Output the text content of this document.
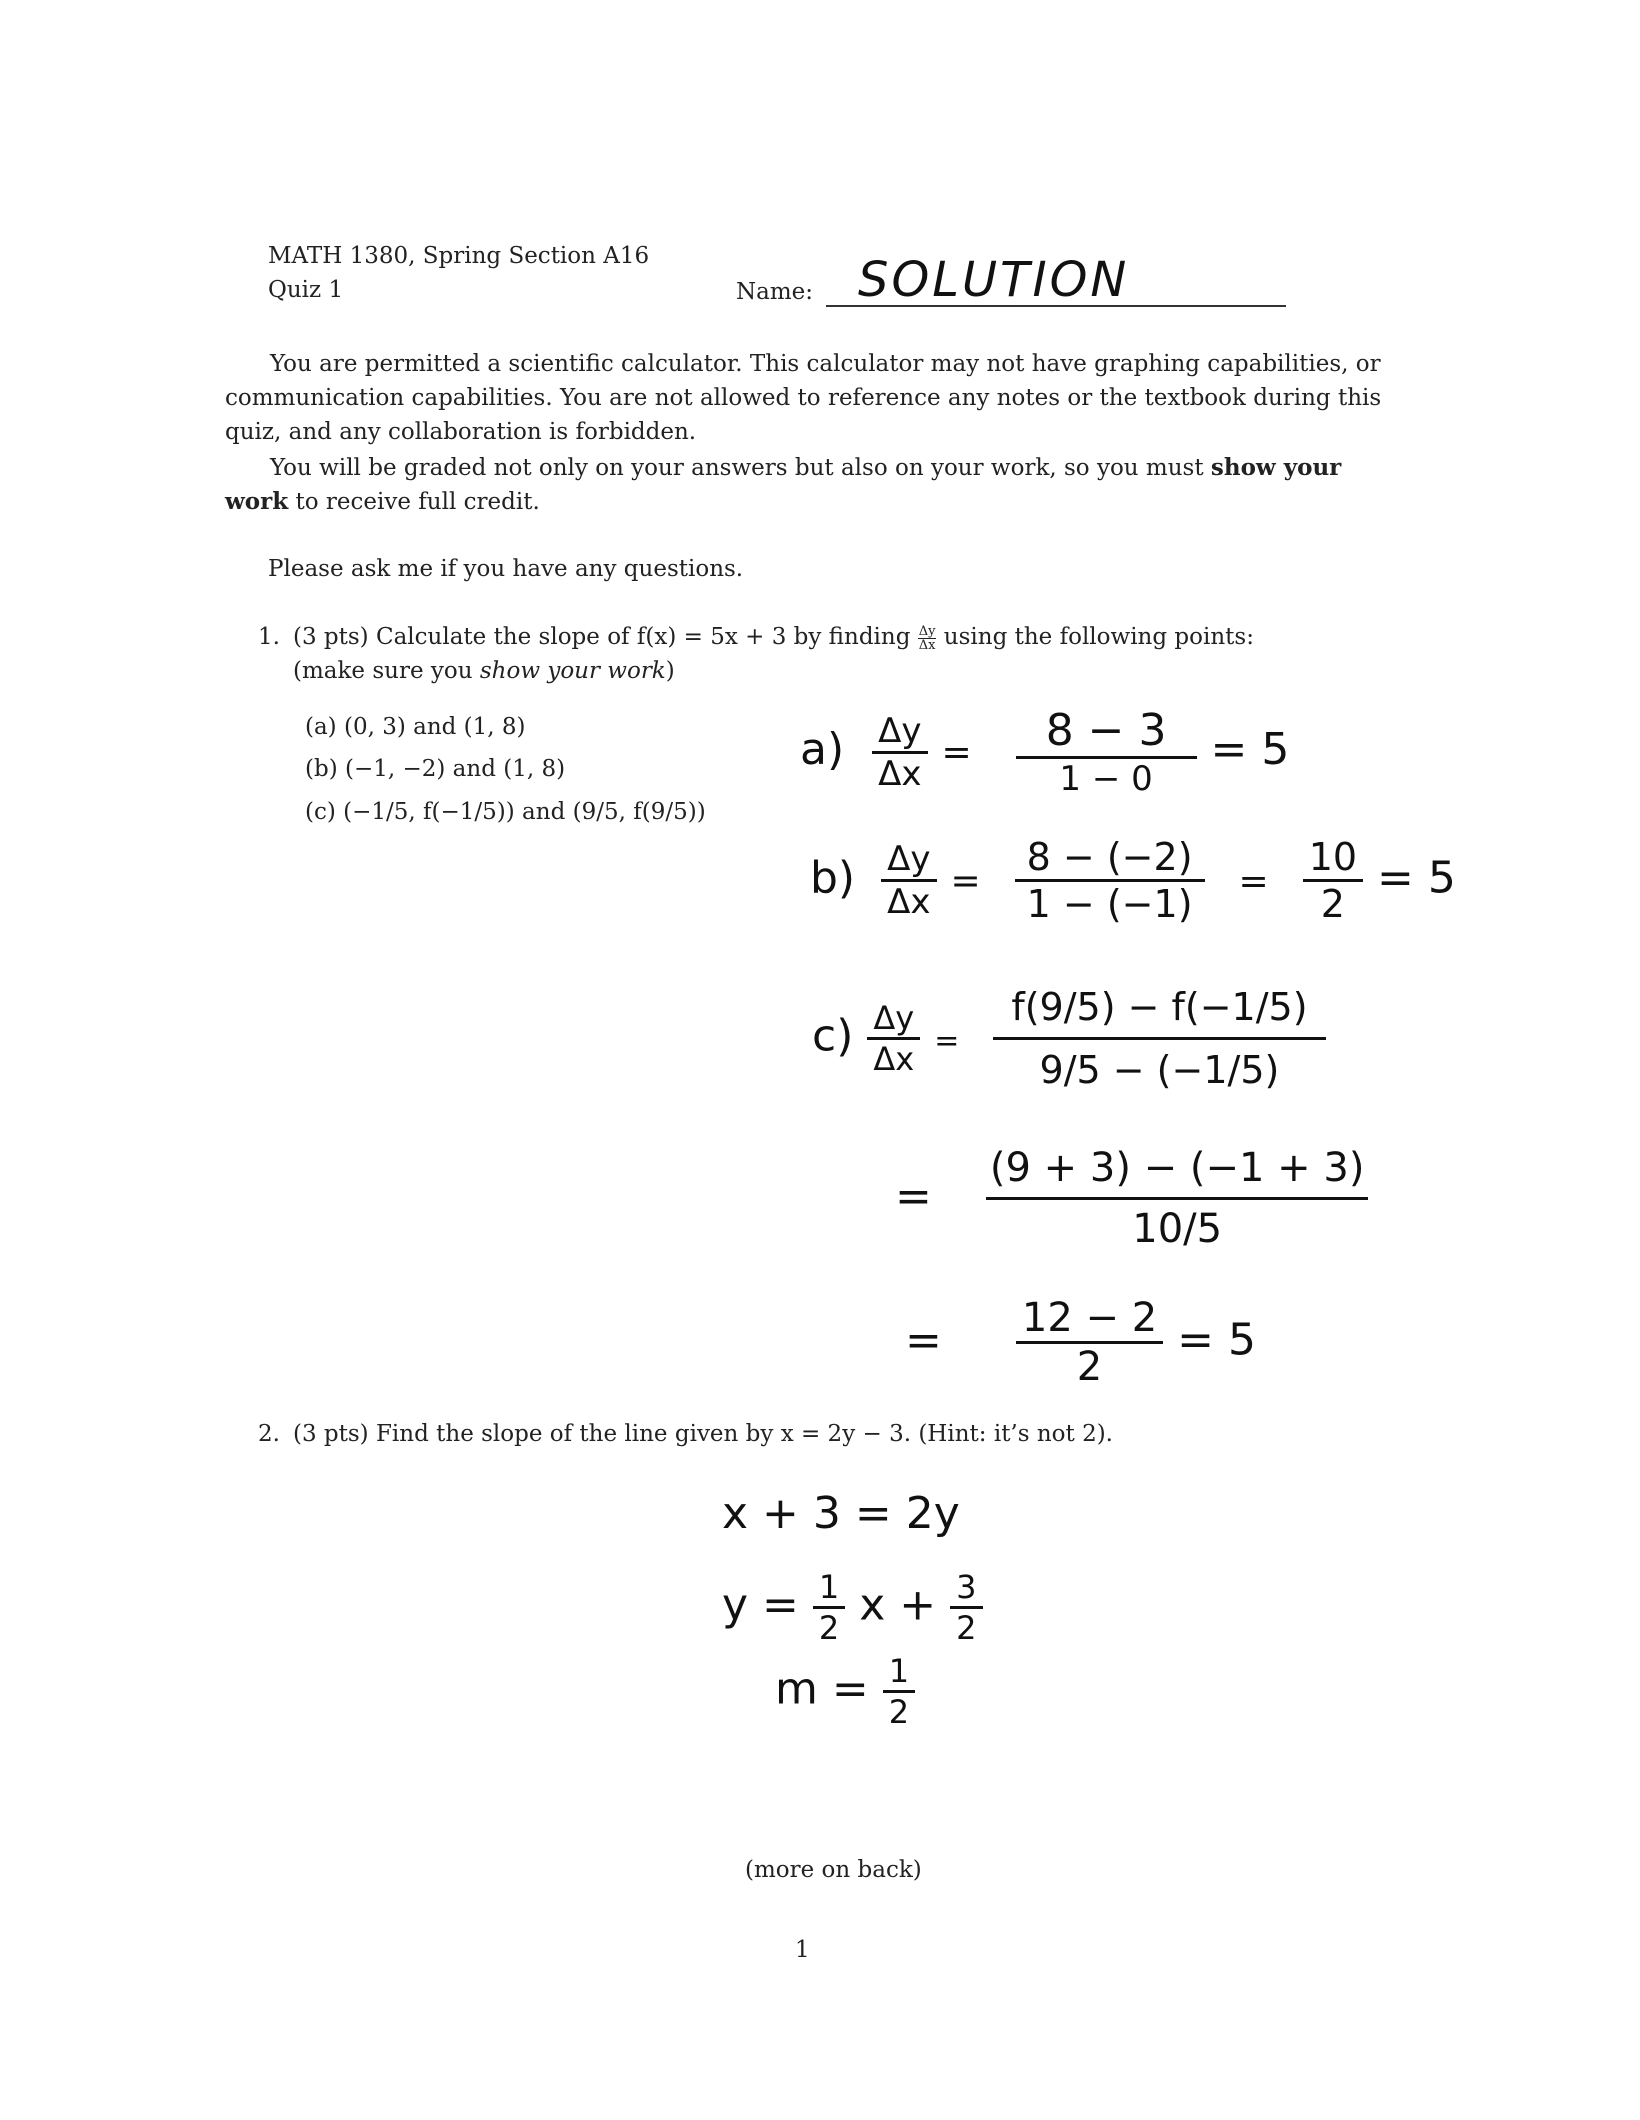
MATH 1380, Spring Section A16
Quiz 1	Name: SOLUTION
You are permitted a scientific calculator. This calculator may not have graphing capabilities, or communication capabilities. You are not allowed to reference any notes or the textbook during this quiz, and any collaboration is forbidden.
You will be graded not only on your answers but also on your work, so you must show your work to receive full credit.
Please ask me if you have any questions.
1. (3 pts) Calculate the slope of f(x) = 5x + 3 by finding $\frac{\Delta y}{\Delta x}$ using the following points:
(make sure you show your work)
(a) (0, 3) and (1, 8)
(b) (−1, −2) and (1, 8)
(c) (−1/5, f(−1/5)) and (9/5, f(9/5))
$a) \frac{\Delta y}{\Delta x} = \frac{8 - 3}{1 - 0} = 5$
$b) \frac{\Delta y}{\Delta x} = \frac{8 - (-2)}{1 - (-1)} = \frac{10}{2} = 5$
$c) \frac{\Delta y}{\Delta x} = \frac{f(9/5) - f(-1/5)}{9/5 - (-1/5)}$
= $\frac{(9 + 3) - (-1 + 3)}{10/5}$
= $\frac{12 - 2}{2} = 5$
2. (3 pts) Find the slope of the line given by x = 2y − 3. (Hint: it’s not 2).
x + 3 = 2y
$y = \frac{1}{2}$ $x + \frac{3}{2}$
$m = \frac{1}{2}$
(more on back)
1
